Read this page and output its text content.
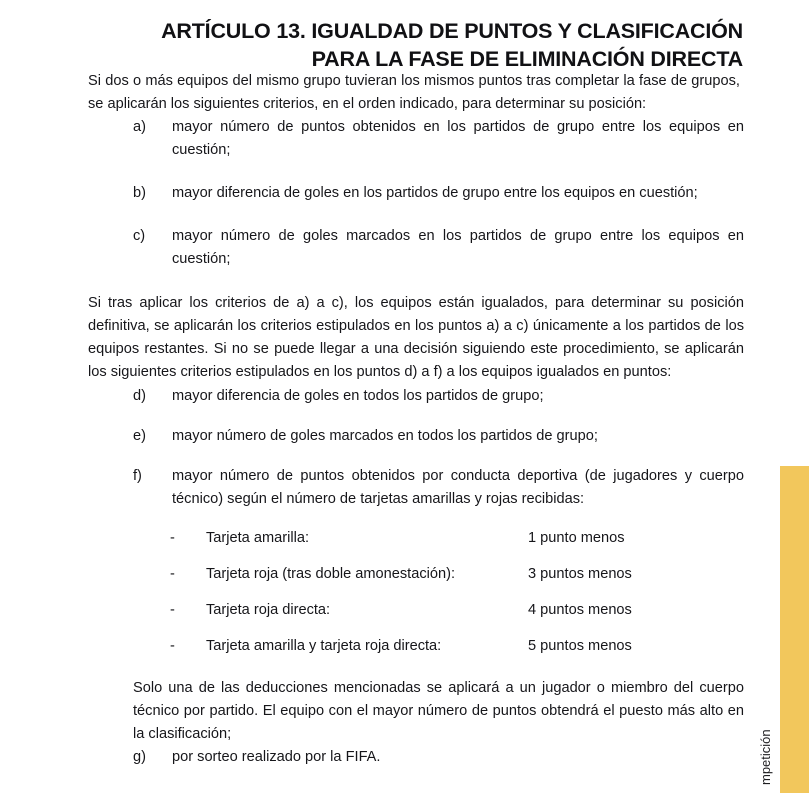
ARTÍCULO 13. IGUALDAD DE PUNTOS Y CLASIFICACIÓN
PARA LA FASE DE ELIMINACIÓN DIRECTA

Si dos o más equipos del mismo grupo tuvieran los mismos puntos tras completar la fase de grupos, se aplicarán los siguientes criterios, en el orden indicado, para determinar su posición:

a)	mayor número de puntos obtenidos en los partidos de grupo entre los equipos en cuestión;
b)	mayor diferencia de goles en los partidos de grupo entre los equipos en cuestión;
c)	mayor número de goles marcados en los partidos de grupo entre los equipos en cuestión;

Si tras aplicar los criterios de a) a c), los equipos están igualados, para determinar su posición definitiva, se aplicarán los criterios estipulados en los puntos a) a c) únicamente a los partidos de los equipos restantes. Si no se puede llegar a una decisión siguiendo este procedimiento, se aplicarán los siguientes criterios estipulados en los puntos d) a f) a los equipos igualados en puntos:

d)	mayor diferencia de goles en todos los partidos de grupo;
e)	mayor número de goles marcados en todos los partidos de grupo;
f)	mayor número de puntos obtenidos por conducta deportiva (de jugadores y cuerpo técnico) según el número de tarjetas amarillas y rojas recibidas:
-	Tarjeta amarilla:	1 punto menos
-	Tarjeta roja (tras doble amonestación):	3 puntos menos
-	Tarjeta roja directa:	4 puntos menos
-	Tarjeta amarilla y tarjeta roja directa:	5 puntos menos

Solo una de las deducciones mencionadas se aplicará a un jugador o miembro del cuerpo técnico por partido. El equipo con el mayor número de puntos obtendrá el puesto más alto en la clasificación;

g)	por sorteo realizado por la FIFA.	mpetición
